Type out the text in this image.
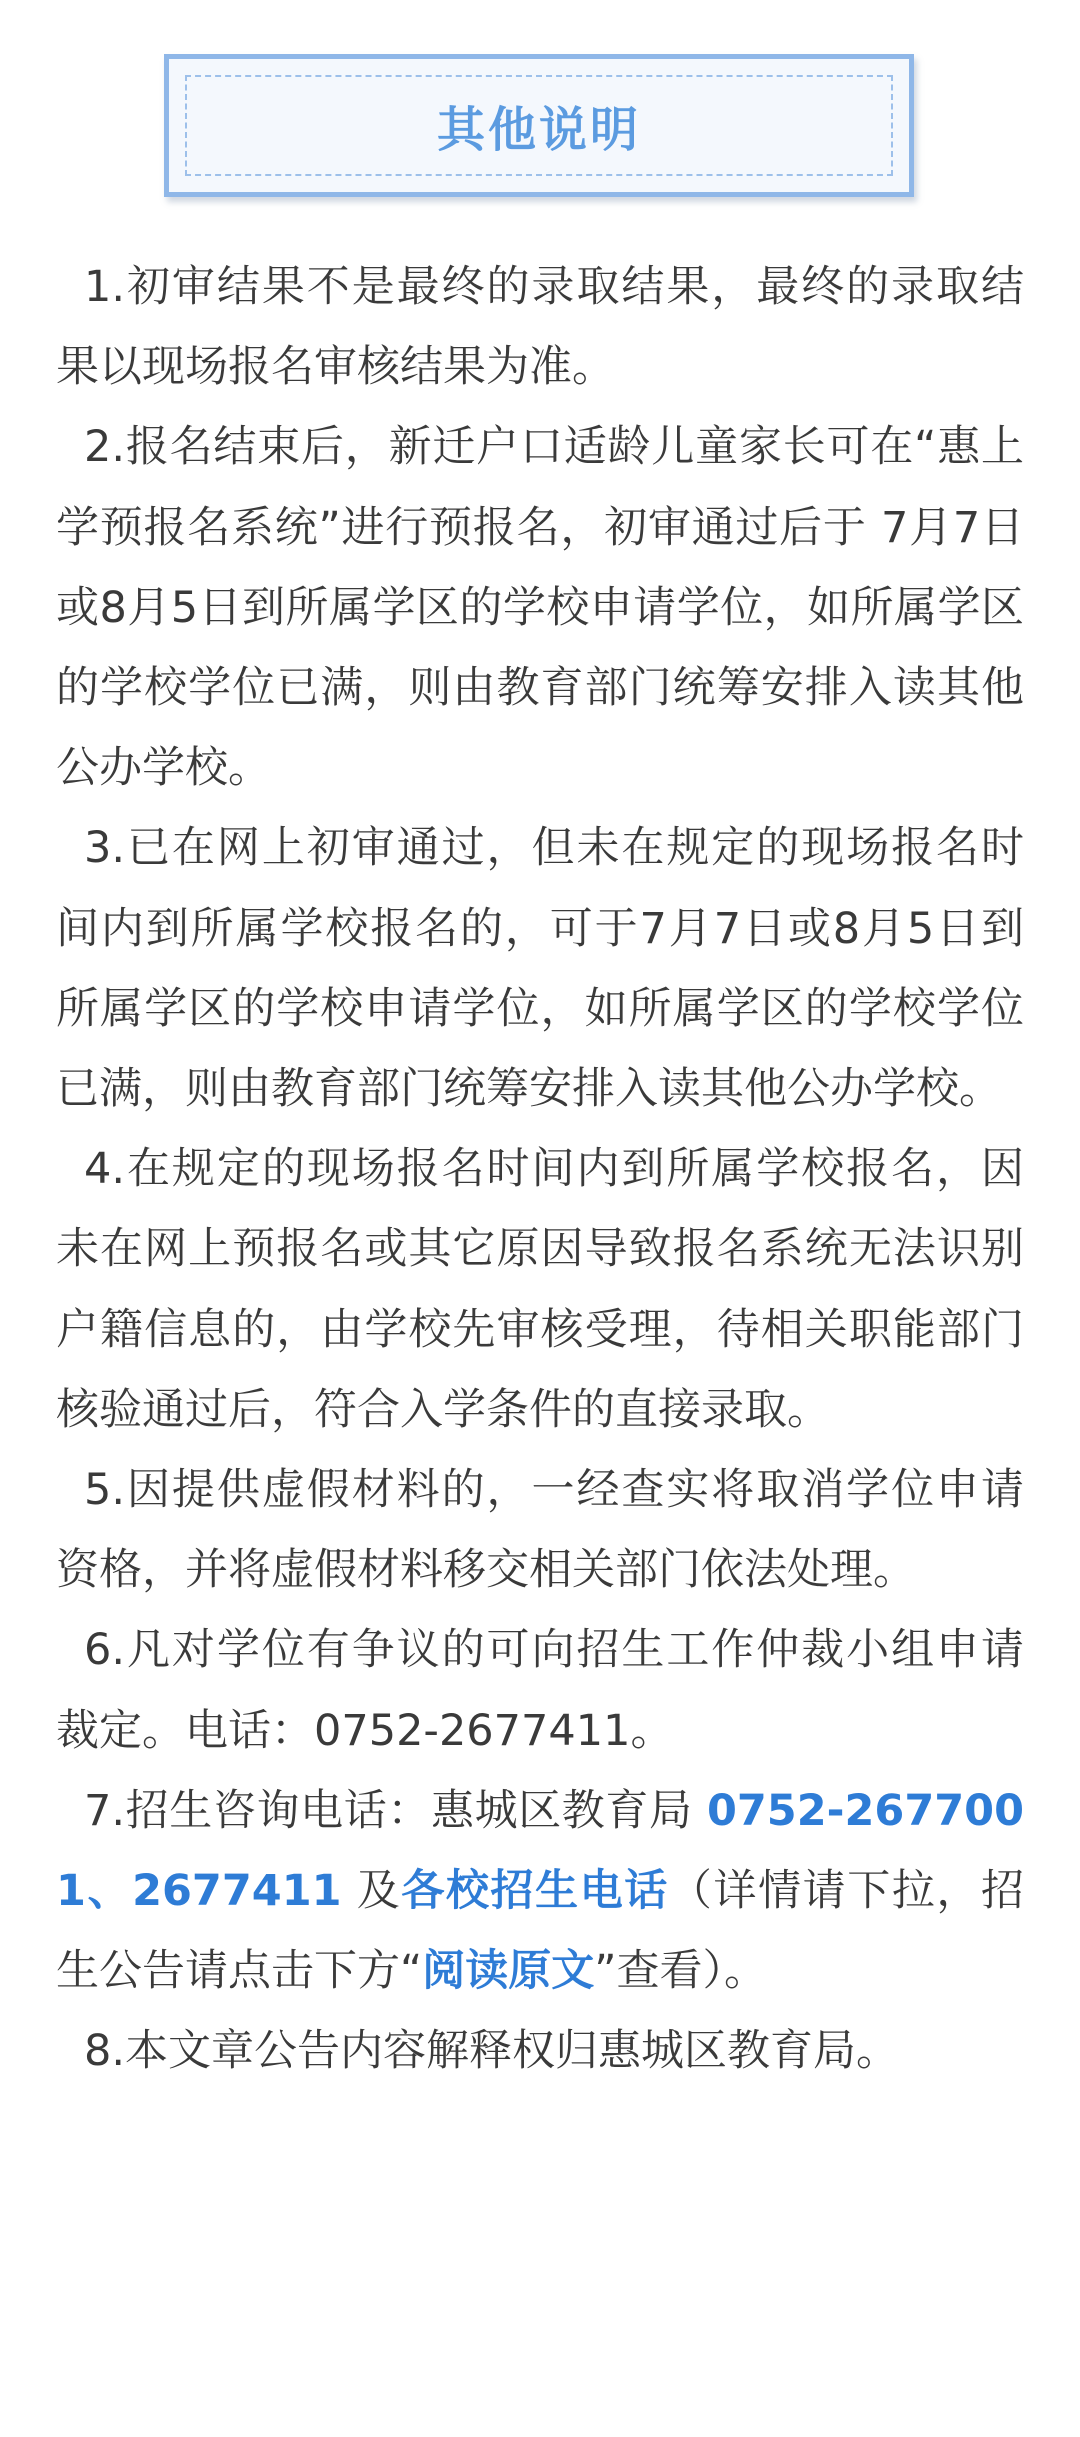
其他说明

1.初审结果不是最终的录取结果，最终的录取结果以现场报名审核结果为准。

2.报名结束后，新迁户口适龄儿童家长可在“惠上学预报名系统”进行预报名，初审通过后于 7月7日或8月5日到所属学区的学校申请学位，如所属学区的学校学位已满，则由教育部门统筹安排入读其他公办学校。

3.已在网上初审通过，但未在规定的现场报名时间内到所属学校报名的，可于7月7日或8月5日到所属学区的学校申请学位，如所属学区的学校学位已满，则由教育部门统筹安排入读其他公办学校。

4.在规定的现场报名时间内到所属学校报名，因未在网上预报名或其它原因导致报名系统无法识别户籍信息的，由学校先审核受理，待相关职能部门核验通过后，符合入学条件的直接录取。

5.因提供虚假材料的，一经查实将取消学位申请资格，并将虚假材料移交相关部门依法处理。

6.凡对学位有争议的可向招生工作仲裁小组申请裁定。电话：0752-2677411。

7.招生咨询电话：惠城区教育局 0752-2677001、2677411 及各校招生电话（详情请下拉，招生公告请点击下方“阅读原文”查看）。

8.本文章公告内容解释权归惠城区教育局。
